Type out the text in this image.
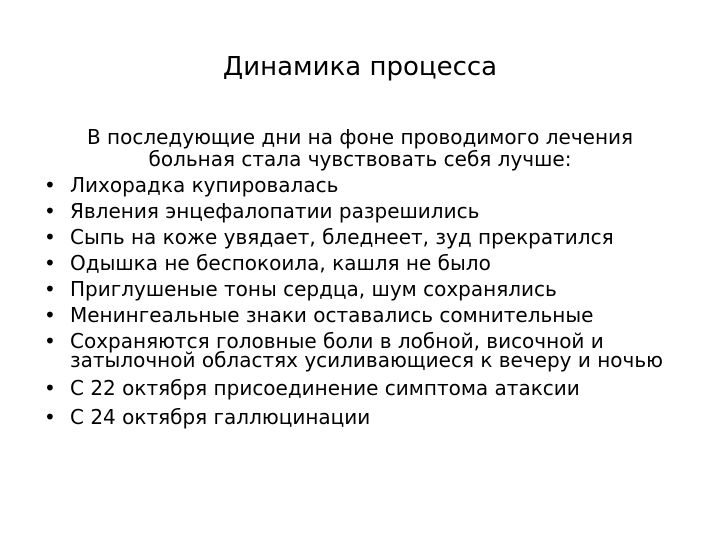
Динамика процесса

В последующие дни на фоне проводимого лечения больная стала чувствовать себя лучше:

• Лихорадка купировалась
• Явления энцефалопатии разрешились
• Сыпь на коже увядает, бледнеет, зуд прекратился
• Одышка не беспокоила, кашля не было
• Приглушеные тоны сердца, шум сохранялись
• Менингеальные знаки оставались сомнительные
• Сохраняются головные боли в лобной, височной и затылочной областях усиливающиеся к вечеру и ночью
• С 22 октября присоединение симптома атаксии
• С 24 октября галлюцинации
